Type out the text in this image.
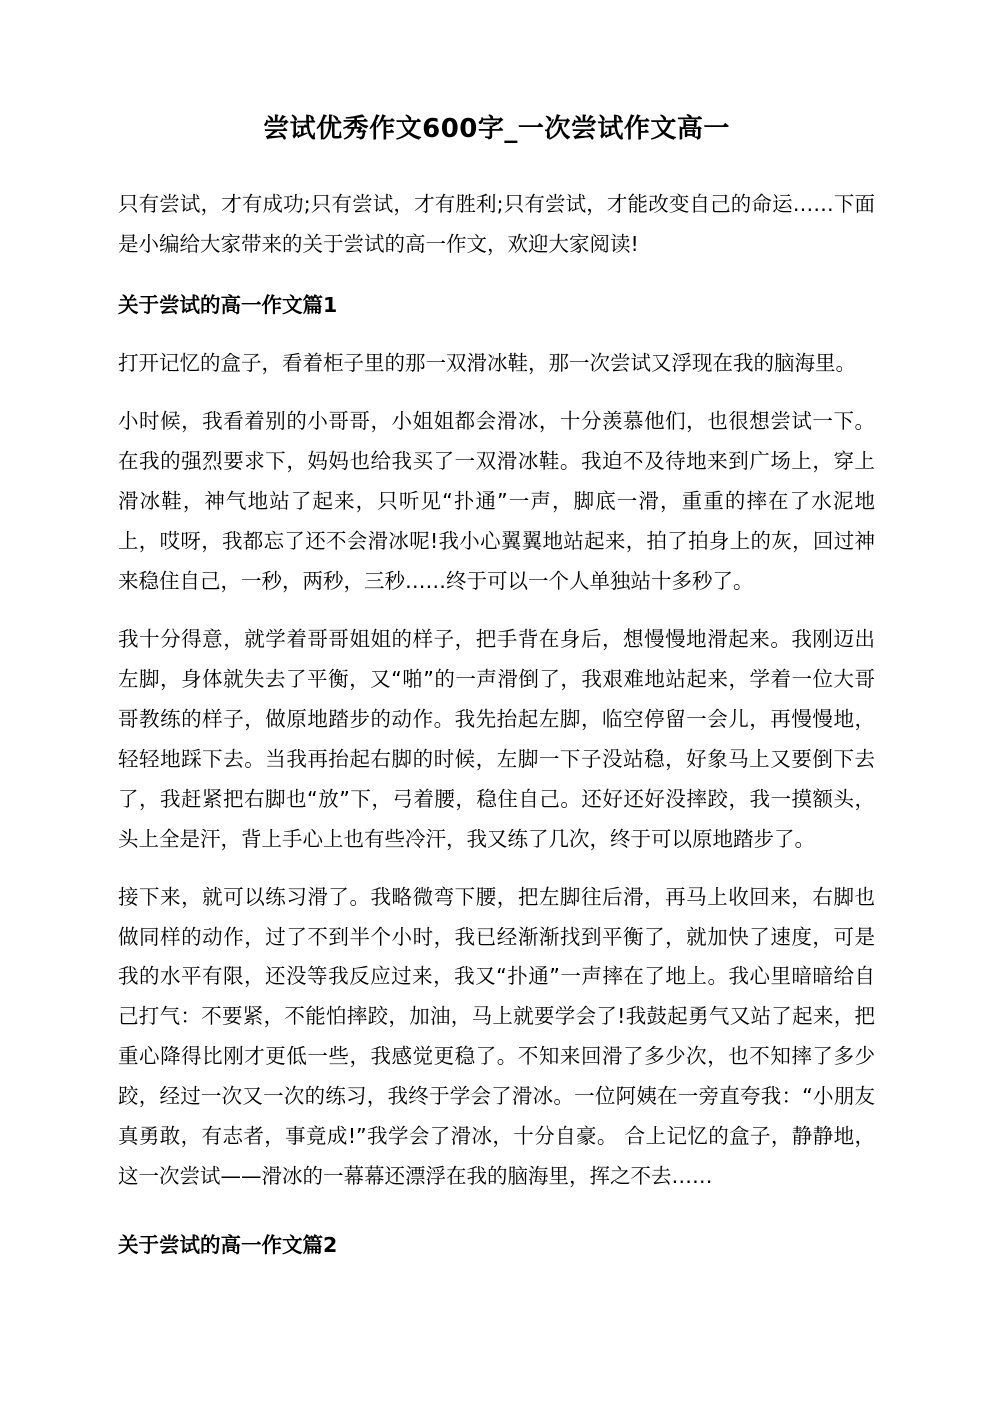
尝试优秀作文600字_一次尝试作文高一

只有尝试，才有成功;只有尝试，才有胜利;只有尝试，才能改变自己的命运……下面是小编给大家带来的关于尝试的高一作文，欢迎大家阅读!

关于尝试的高一作文篇1

打开记忆的盒子，看着柜子里的那一双滑冰鞋，那一次尝试又浮现在我的脑海里。

小时候，我看着别的小哥哥，小姐姐都会滑冰，十分羡慕他们，也很想尝试一下。在我的强烈要求下，妈妈也给我买了一双滑冰鞋。我迫不及待地来到广场上，穿上滑冰鞋，神气地站了起来，只听见“扑通”一声，脚底一滑，重重的摔在了水泥地上，哎呀，我都忘了还不会滑冰呢!我小心翼翼地站起来，拍了拍身上的灰，回过神来稳住自己，一秒，两秒，三秒……终于可以一个人单独站十多秒了。

我十分得意，就学着哥哥姐姐的样子，把手背在身后，想慢慢地滑起来。我刚迈出左脚，身体就失去了平衡，又“啪”的一声滑倒了，我艰难地站起来，学着一位大哥哥教练的样子，做原地踏步的动作。我先抬起左脚，临空停留一会儿，再慢慢地，轻轻地踩下去。当我再抬起右脚的时候，左脚一下子没站稳，好象马上又要倒下去了，我赶紧把右脚也“放”下，弓着腰，稳住自己。还好还好没摔跤，我一摸额头，头上全是汗，背上手心上也有些冷汗，我又练了几次，终于可以原地踏步了。

接下来，就可以练习滑了。我略微弯下腰，把左脚往后滑，再马上收回来，右脚也做同样的动作，过了不到半个小时，我已经渐渐找到平衡了，就加快了速度，可是我的水平有限，还没等我反应过来，我又“扑通”一声摔在了地上。我心里暗暗给自己打气：不要紧，不能怕摔跤，加油，马上就要学会了!我鼓起勇气又站了起来，把重心降得比刚才更低一些，我感觉更稳了。不知来回滑了多少次，也不知摔了多少跤，经过一次又一次的练习，我终于学会了滑冰。一位阿姨在一旁直夸我：“小朋友真勇敢，有志者，事竟成!”我学会了滑冰，十分自豪。 合上记忆的盒子，静静地，这一次尝试——滑冰的一幕幕还漂浮在我的脑海里，挥之不去……

关于尝试的高一作文篇2
